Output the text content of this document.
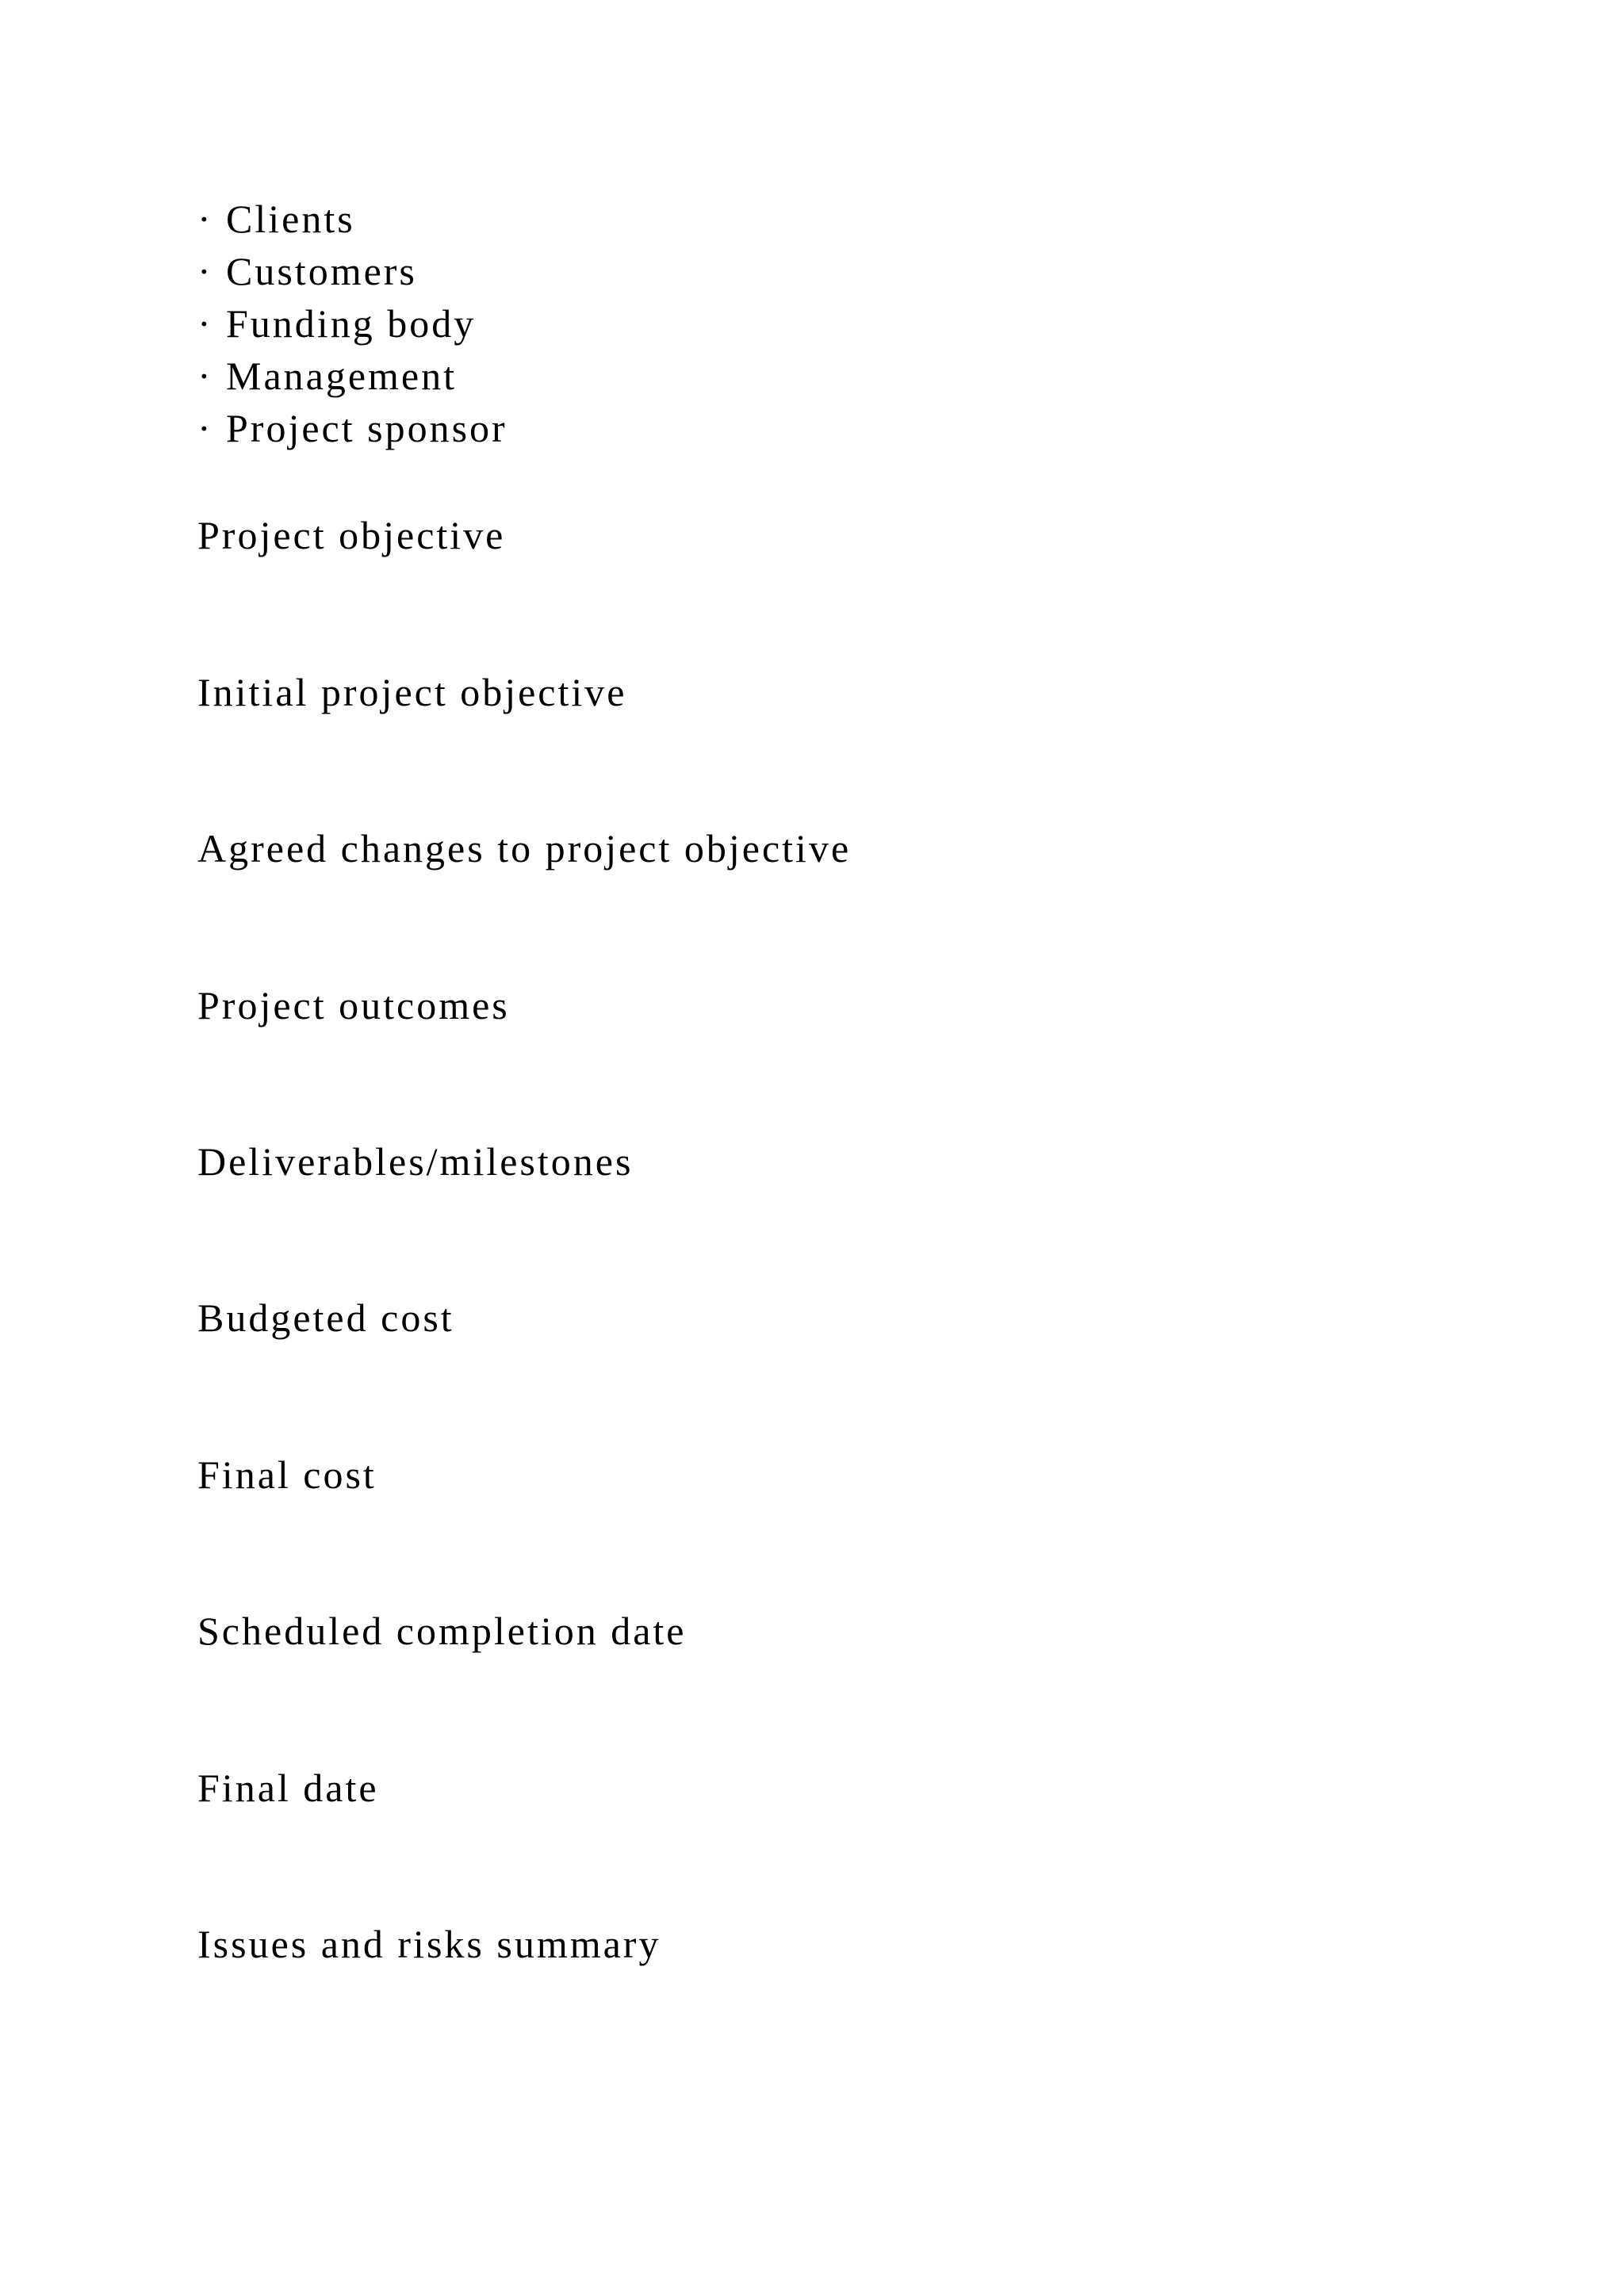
· Clients
· Customers
· Funding body
· Management
· Project sponsor

Project objective

Initial project objective

Agreed changes to project objective

Project outcomes

Deliverables/milestones

Budgeted cost

Final cost

Scheduled completion date

Final date

Issues and risks summary
